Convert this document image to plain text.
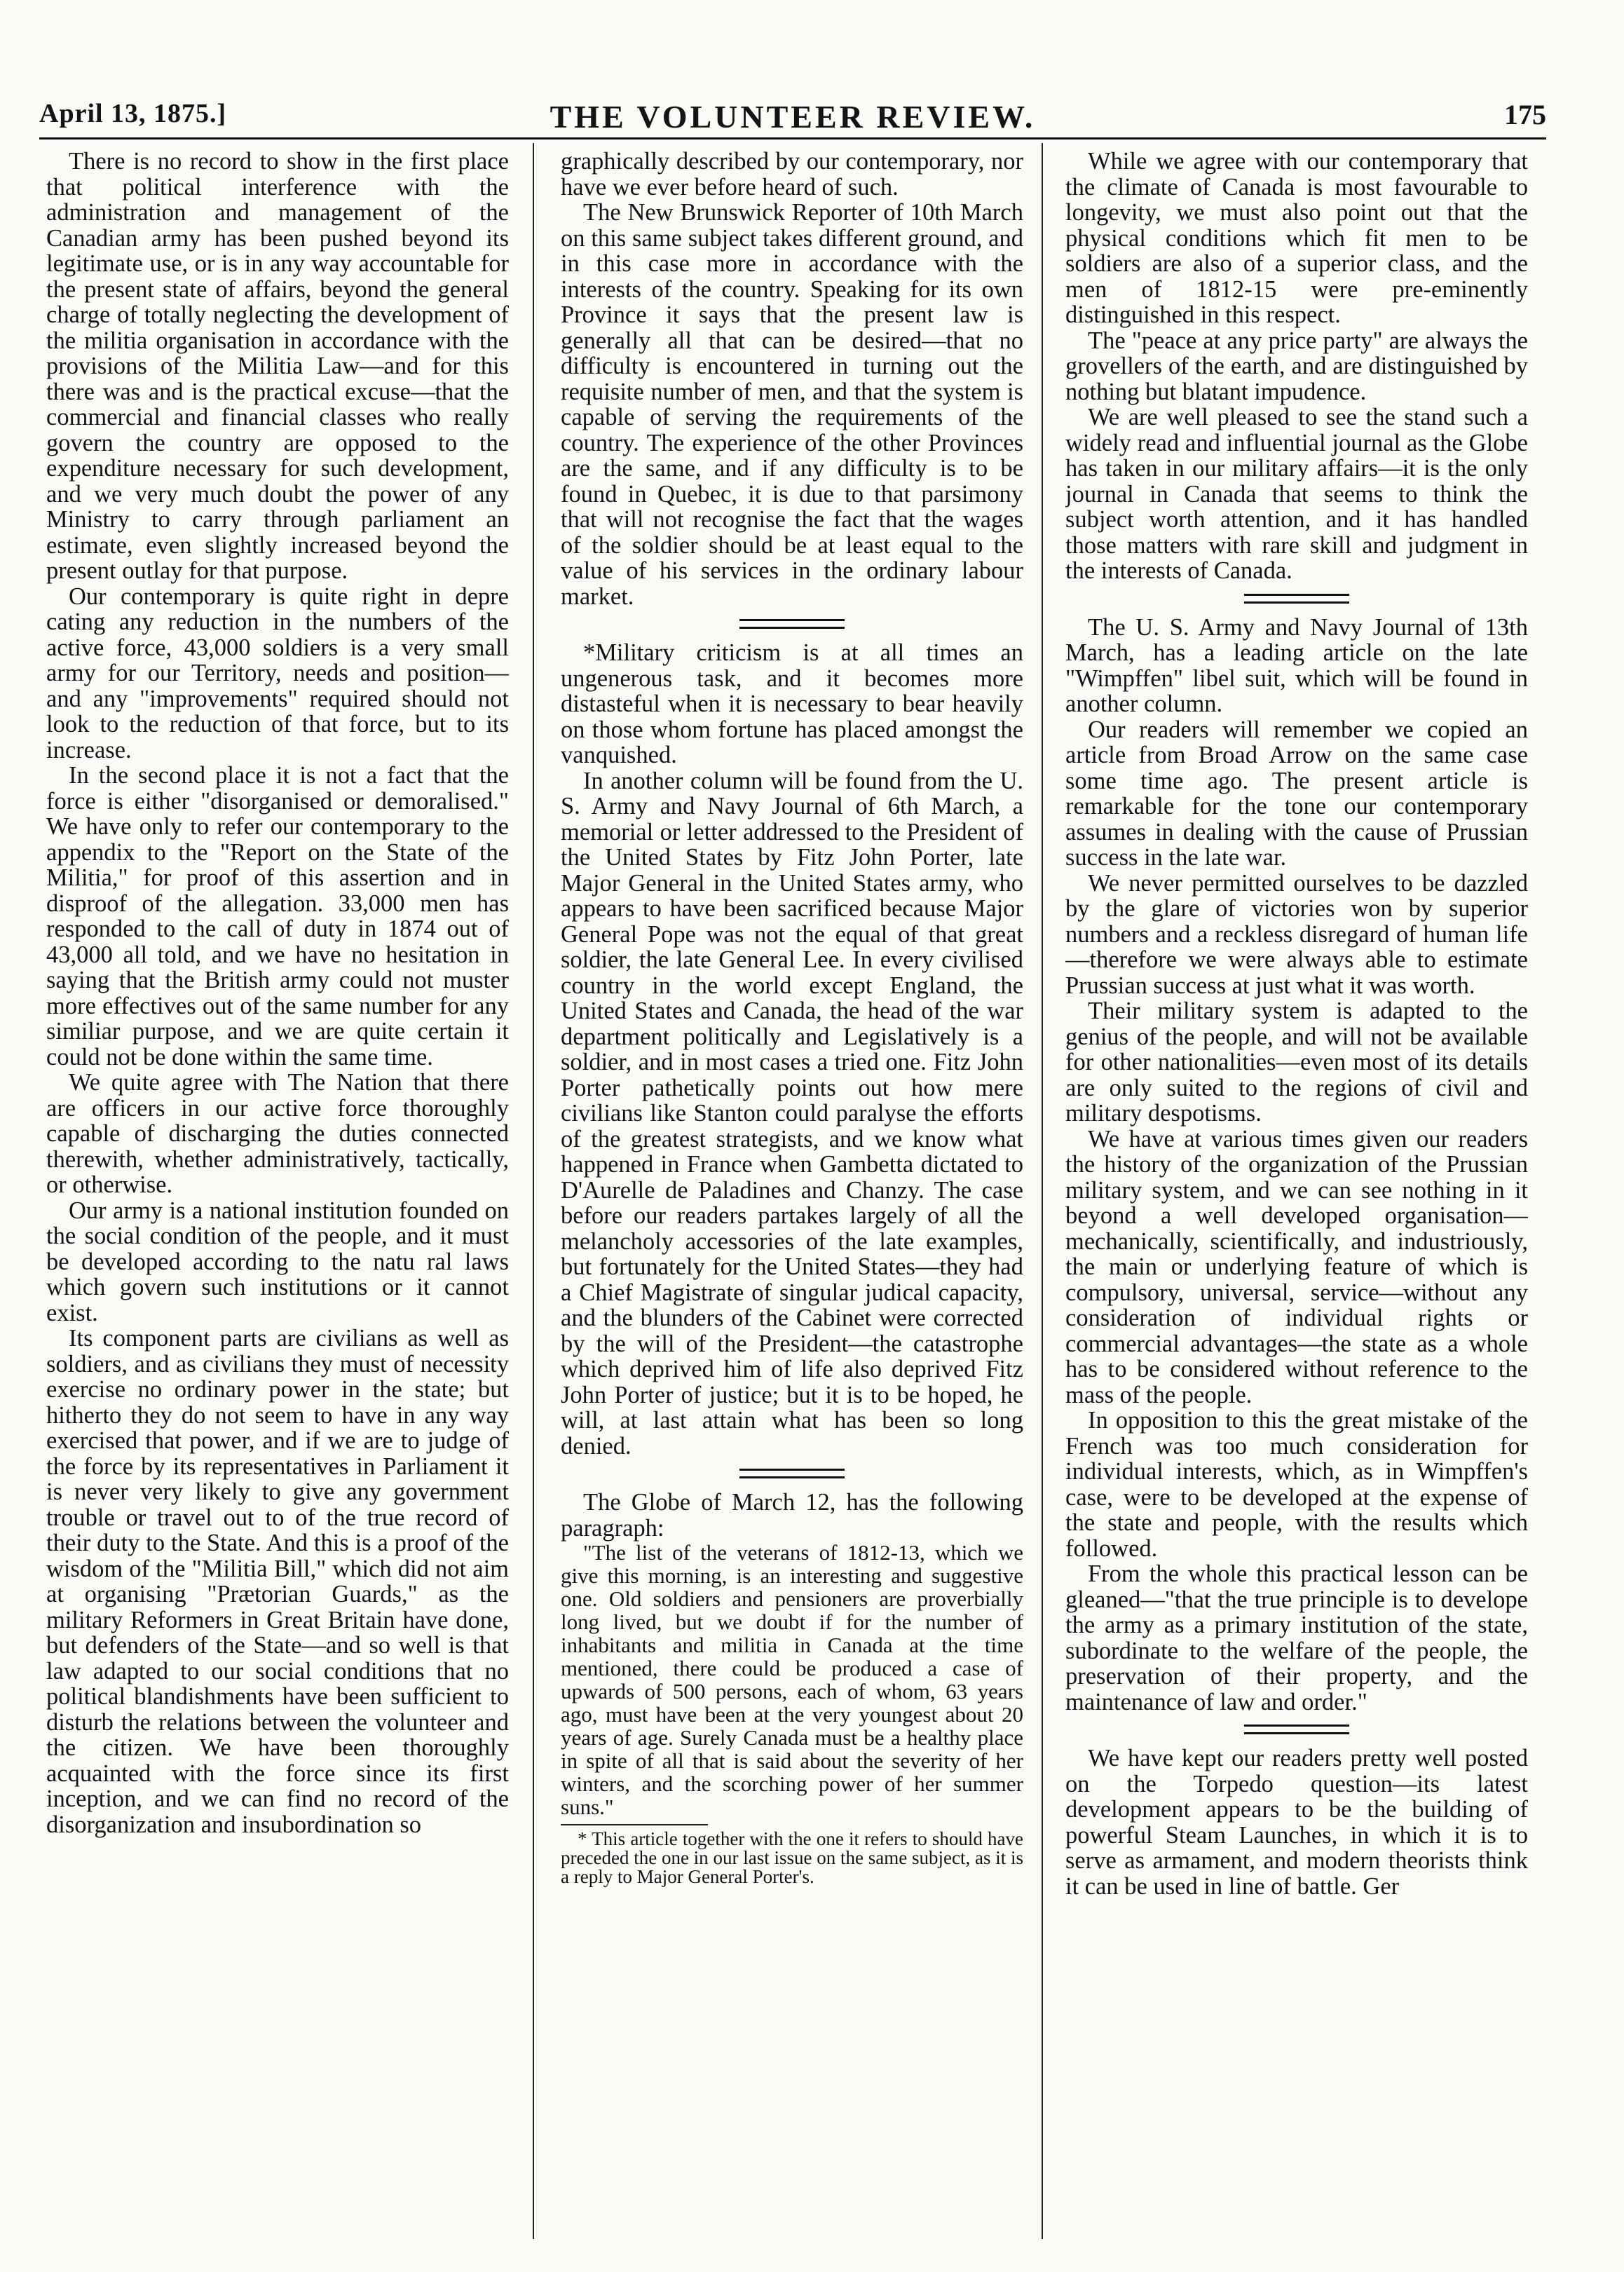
April 13, 1875.]	THE VOLUNTEER REVIEW.	175

There is no record to show in the first place that political interference with the administration and management of the Canadian army has been pushed beyond its legitimate use, or is in any way accountable for the present state of affairs, beyond the general charge of totally neglecting the development of the militia organisation in accordance with the provisions of the Militia Law—and for this there was and is the practical excuse—that the commercial and financial classes who really govern the country are opposed to the expenditure necessary for such development, and we very much doubt the power of any Ministry to carry through parliament an estimate, even slightly increased beyond the present outlay for that purpose.

Our contemporary is quite right in depre cating any reduction in the numbers of the active force, 43,000 soldiers is a very small army for our Territory, needs and position—and any "improvements" required should not look to the reduction of that force, but to its increase.

In the second place it is not a fact that the force is either "disorganised or demoralised." We have only to refer our contemporary to the appendix to the "Report on the State of the Militia," for proof of this assertion and in disproof of the allegation. 33,000 men has responded to the call of duty in 1874 out of 43,000 all told, and we have no hesitation in saying that the British army could not muster more effectives out of the same number for any similiar purpose, and we are quite certain it could not be done within the same time.

We quite agree with The Nation that there are officers in our active force thoroughly capable of discharging the duties connected therewith, whether administratively, tactically, or otherwise.

Our army is a national institution founded on the social condition of the people, and it must be developed according to the natu ral laws which govern such institutions or it cannot exist.

Its component parts are civilians as well as soldiers, and as civilians they must of necessity exercise no ordinary power in the state; but hitherto they do not seem to have in any way exercised that power, and if we are to judge of the force by its representatives in Parliament it is never very likely to give any government trouble or travel out to of the true record of their duty to the State. And this is a proof of the wisdom of the "Militia Bill," which did not aim at organising "Prætorian Guards," as the military Reformers in Great Britain have done, but defenders of the State—and so well is that law adapted to our social conditions that no political blandishments have been sufficient to disturb the relations between the volunteer and the citizen. We have been thoroughly acquainted with the force since its first inception, and we can find no record of the disorganization and insubordination so

graphically described by our contemporary, nor have we ever before heard of such.

The New Brunswick Reporter of 10th March on this same subject takes different ground, and in this case more in accordance with the interests of the country. Speaking for its own Province it says that the present law is generally all that can be desired—that no difficulty is encountered in turning out the requisite number of men, and that the system is capable of serving the requirements of the country. The experience of the other Provinces are the same, and if any difficulty is to be found in Quebec, it is due to that parsimony that will not recognise the fact that the wages of the soldier should be at least equal to the value of his services in the ordinary labour market.

*Military criticism is at all times an ungenerous task, and it becomes more distasteful when it is necessary to bear heavily on those whom fortune has placed amongst the vanquished.

In another column will be found from the U. S. Army and Navy Journal of 6th March, a memorial or letter addressed to the President of the United States by Fitz John Porter, late Major General in the United States army, who appears to have been sacrificed because Major General Pope was not the equal of that great soldier, the late General Lee. In every civilised country in the world except England, the United States and Canada, the head of the war department politically and Legislatively is a soldier, and in most cases a tried one. Fitz John Porter pathetically points out how mere civilians like Stanton could paralyse the efforts of the greatest strategists, and we know what happened in France when Gambetta dictated to D'Aurelle de Paladines and Chanzy. The case before our readers partakes largely of all the melancholy accessories of the late examples, but fortunately for the United States—they had a Chief Magistrate of singular judical capacity, and the blunders of the Cabinet were corrected by the will of the President—the catastrophe which deprived him of life also deprived Fitz John Porter of justice; but it is to be hoped, he will, at last attain what has been so long denied.

The Globe of March 12, has the following paragraph:

"The list of the veterans of 1812-13, which we give this morning, is an interesting and suggestive one. Old soldiers and pensioners are proverbially long lived, but we doubt if for the number of inhabitants and militia in Canada at the time mentioned, there could be produced a case of upwards of 500 persons, each of whom, 63 years ago, must have been at the very youngest about 20 years of age. Surely Canada must be a healthy place in spite of all that is said about the severity of her winters, and the scorching power of her summer suns."

* This article together with the one it refers to should have preceded the one in our last issue on the same subject, as it is a reply to Major General Porter's.

While we agree with our contemporary that the climate of Canada is most favourable to longevity, we must also point out that the physical conditions which fit men to be soldiers are also of a superior class, and the men of 1812-15 were pre-eminently distinguished in this respect.

The "peace at any price party" are always the grovellers of the earth, and are distinguished by nothing but blatant impudence.

We are well pleased to see the stand such a widely read and influential journal as the Globe has taken in our military affairs—it is the only journal in Canada that seems to think the subject worth attention, and it has handled those matters with rare skill and judgment in the interests of Canada.

The U. S. Army and Navy Journal of 13th March, has a leading article on the late "Wimpffen" libel suit, which will be found in another column.

Our readers will remember we copied an article from Broad Arrow on the same case some time ago. The present article is remarkable for the tone our contemporary assumes in dealing with the cause of Prussian success in the late war.

We never permitted ourselves to be dazzled by the glare of victories won by superior numbers and a reckless disregard of human life—therefore we were always able to estimate Prussian success at just what it was worth.

Their military system is adapted to the genius of the people, and will not be available for other nationalities—even most of its details are only suited to the regions of civil and military despotisms.

We have at various times given our readers the history of the organization of the Prussian military system, and we can see nothing in it beyond a well developed organisation—mechanically, scientifically, and industriously, the main or underlying feature of which is compulsory, universal, service—without any consideration of individual rights or commercial advantages—the state as a whole has to be considered without reference to the mass of the people.

In opposition to this the great mistake of the French was too much consideration for individual interests, which, as in Wimpffen's case, were to be developed at the expense of the state and people, with the results which followed.

From the whole this practical lesson can be gleaned—"that the true principle is to develope the army as a primary institution of the state, subordinate to the welfare of the people, the preservation of their property, and the maintenance of law and order."

We have kept our readers pretty well posted on the Torpedo question—its latest development appears to be the building of powerful Steam Launches, in which it is to serve as armament, and modern theorists think it can be used in line of battle. Ger
